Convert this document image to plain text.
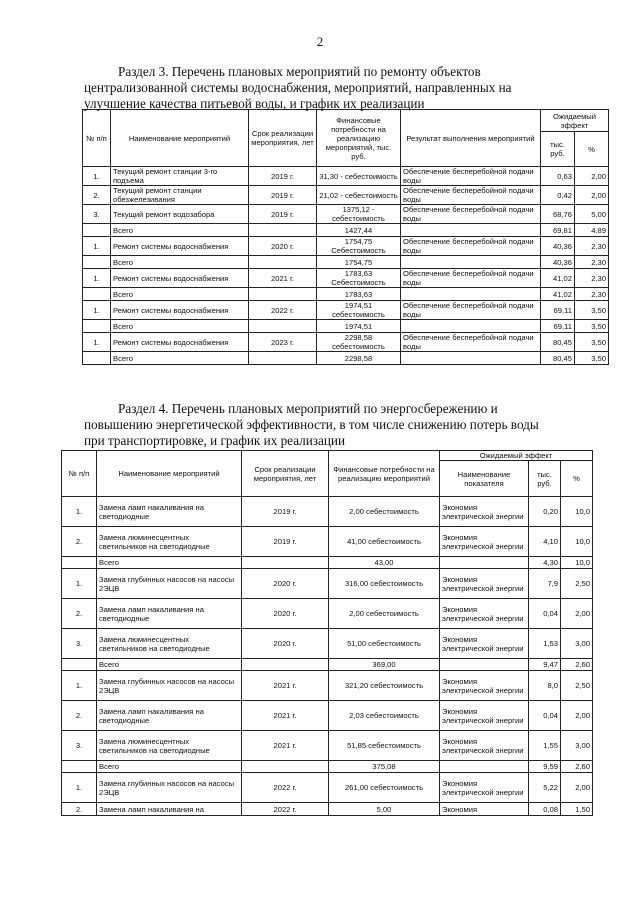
2
Раздел 3. Перечень плановых мероприятий по ремонту объектов
централизованной системы водоснабжения, мероприятий, направленных на
улучшение качества питьевой воды, и график их реализации
№ п/п	Наименование мероприятий	Срок реализации мероприятия, лет	Финансовые потребности на реализацию мероприятий, тыс. руб.	Результат выполнения мероприятий	Ожидаемый эффект	
					тыс. руб.	%
1.	Текущий ремонт станции 3-го подъема	2019 г.	31,30 - себестоимость	Обеспечение бесперебойной подачи воды	0,63	2,00
2.	Текущий ремонт станции обезжелезивания	2019 г.	21,02 - себестоимость	Обеспечение бесперебойной подачи воды	0,42	2,00
3.	Текущий ремонт водозабора	2019 г.	1375,12 - себестоимость	Обеспечение бесперебойной подачи воды	68,76	5,00
	Всего		1427,44		69,81	4,89
1.	Ремонт системы водоснабжения	2020 г.	1754,75 Себестоимость	Обеспечение бесперебойной подачи воды	40,36	2,30
	Всего		1754,75		40,36	2,30
1.	Ремонт системы водоснабжения	2021 г.	1783,63 Себестоимость	Обеспечение бесперебойной подачи воды	41,02	2,30
	Всего		1783,63		41,02	2,30
1.	Ремонт системы водоснабжения	2022 г.	1974,51 себестоимость	Обеспечение бесперебойной подачи воды	69,11	3,50
	Всего		1974,51		69,11	3,50
1.	Ремонт системы водоснабжения	2023 г.	2298,58 себестоимость	Обеспечение бесперебойной подачи воды	80,45	3,50
	Всего		2298,58		80,45	3,50
Раздел 4. Перечень плановых мероприятий по энергосбережению и
повышению энергетической эффективности, в том числе снижению потерь воды
при транспортировке, и график их реализации
№ п/п	Наименование мероприятий	Срок реализации мероприятия, лет	Финансовые потребности на реализацию мероприятий	Ожидаемый эффект		
				Наименование показателя	тыс. руб.	%
1.	Замена ламп накаливания на светодиодные	2019 г.	2,00 себестоимость	Экономия электрической энергии	0,20	10,0
2.	Замена люминесцентных светильников на светодиодные	2019 г.	41,00 себестоимость	Экономия электрической энергии	4,10	10,0
	Всего		43,00		4,30	10,0
1.	Замена глубинных насосов на насосы 2ЭЦВ	2020 г.	316,00 себестоимость	Экономия электрической энергии	7,9	2,50
2.	Замена ламп накаливания на светодиодные	2020 г.	2,00 себестоимость	Экономия электрической энергии	0,04	2,00
3.	Замена люминесцентных светильников на светодиодные	2020 г.	51,00 себестоимость	Экономия электрической энергии	1,53	3,00
	Всего		369,00		9,47	2,60
1.	Замена глубинных насосов на насосы 2ЭЦВ	2021 г.	321,20 себестоимость	Экономия электрической энергии	8,0	2,50
2.	Замена ламп накаливания на светодиодные	2021 г.	2,03 себестоимость	Экономия электрической энергии	0,04	2,00
3.	Замена люминесцентных светильников на светодиодные	2021 г.	51,85 себестоимость	Экономия электрической энергии	1,55	3,00
	Всего		375,08		9,59	2,60
1.	Замена глубинных насосов на насосы 2ЭЦВ	2022 г.	261,00 себестоимость	Экономия электрической энергии	5,22	2,00
2.	Замена ламп накаливания на	2022 г.	5,00	Экономия	0,08	1,50
